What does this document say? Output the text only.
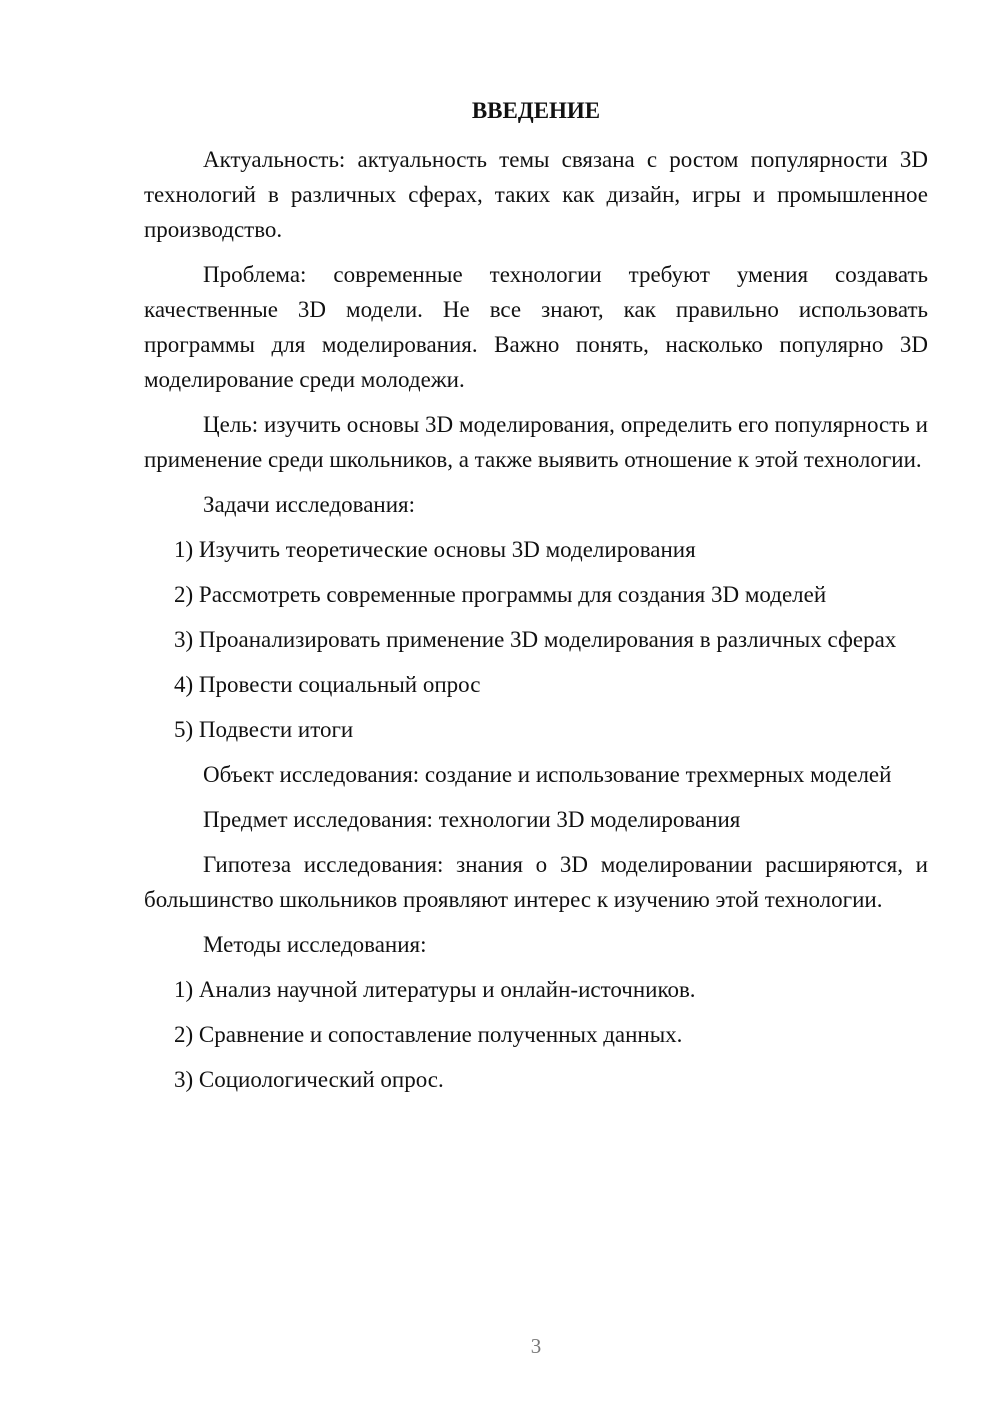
ВВЕДЕНИЕ

Актуальность: актуальность темы связана с ростом популярности 3D технологий в различных сферах, таких как дизайн, игры и промышленное производство.

Проблема: современные технологии требуют умения создавать качественные 3D модели. Не все знают, как правильно использовать программы для моделирования. Важно понять, насколько популярно 3D моделирование среди молодежи.

Цель: изучить основы 3D моделирования, определить его популярность и применение среди школьников, а также выявить отношение к этой технологии.

Задачи исследования:

1) Изучить теоретические основы 3D моделирования

2) Рассмотреть современные программы для создания 3D моделей

3) Проанализировать применение 3D моделирования в различных сферах

4) Провести социальный опрос

5) Подвести итоги

Объект исследования: создание и использование трехмерных моделей

Предмет исследования: технологии 3D моделирования

Гипотеза исследования: знания о 3D моделировании расширяются, и большинство школьников проявляют интерес к изучению этой технологии.

Методы исследования:

1) Анализ научной литературы и онлайн-источников.

2) Сравнение и сопоставление полученных данных.

3) Социологический опрос.

3
